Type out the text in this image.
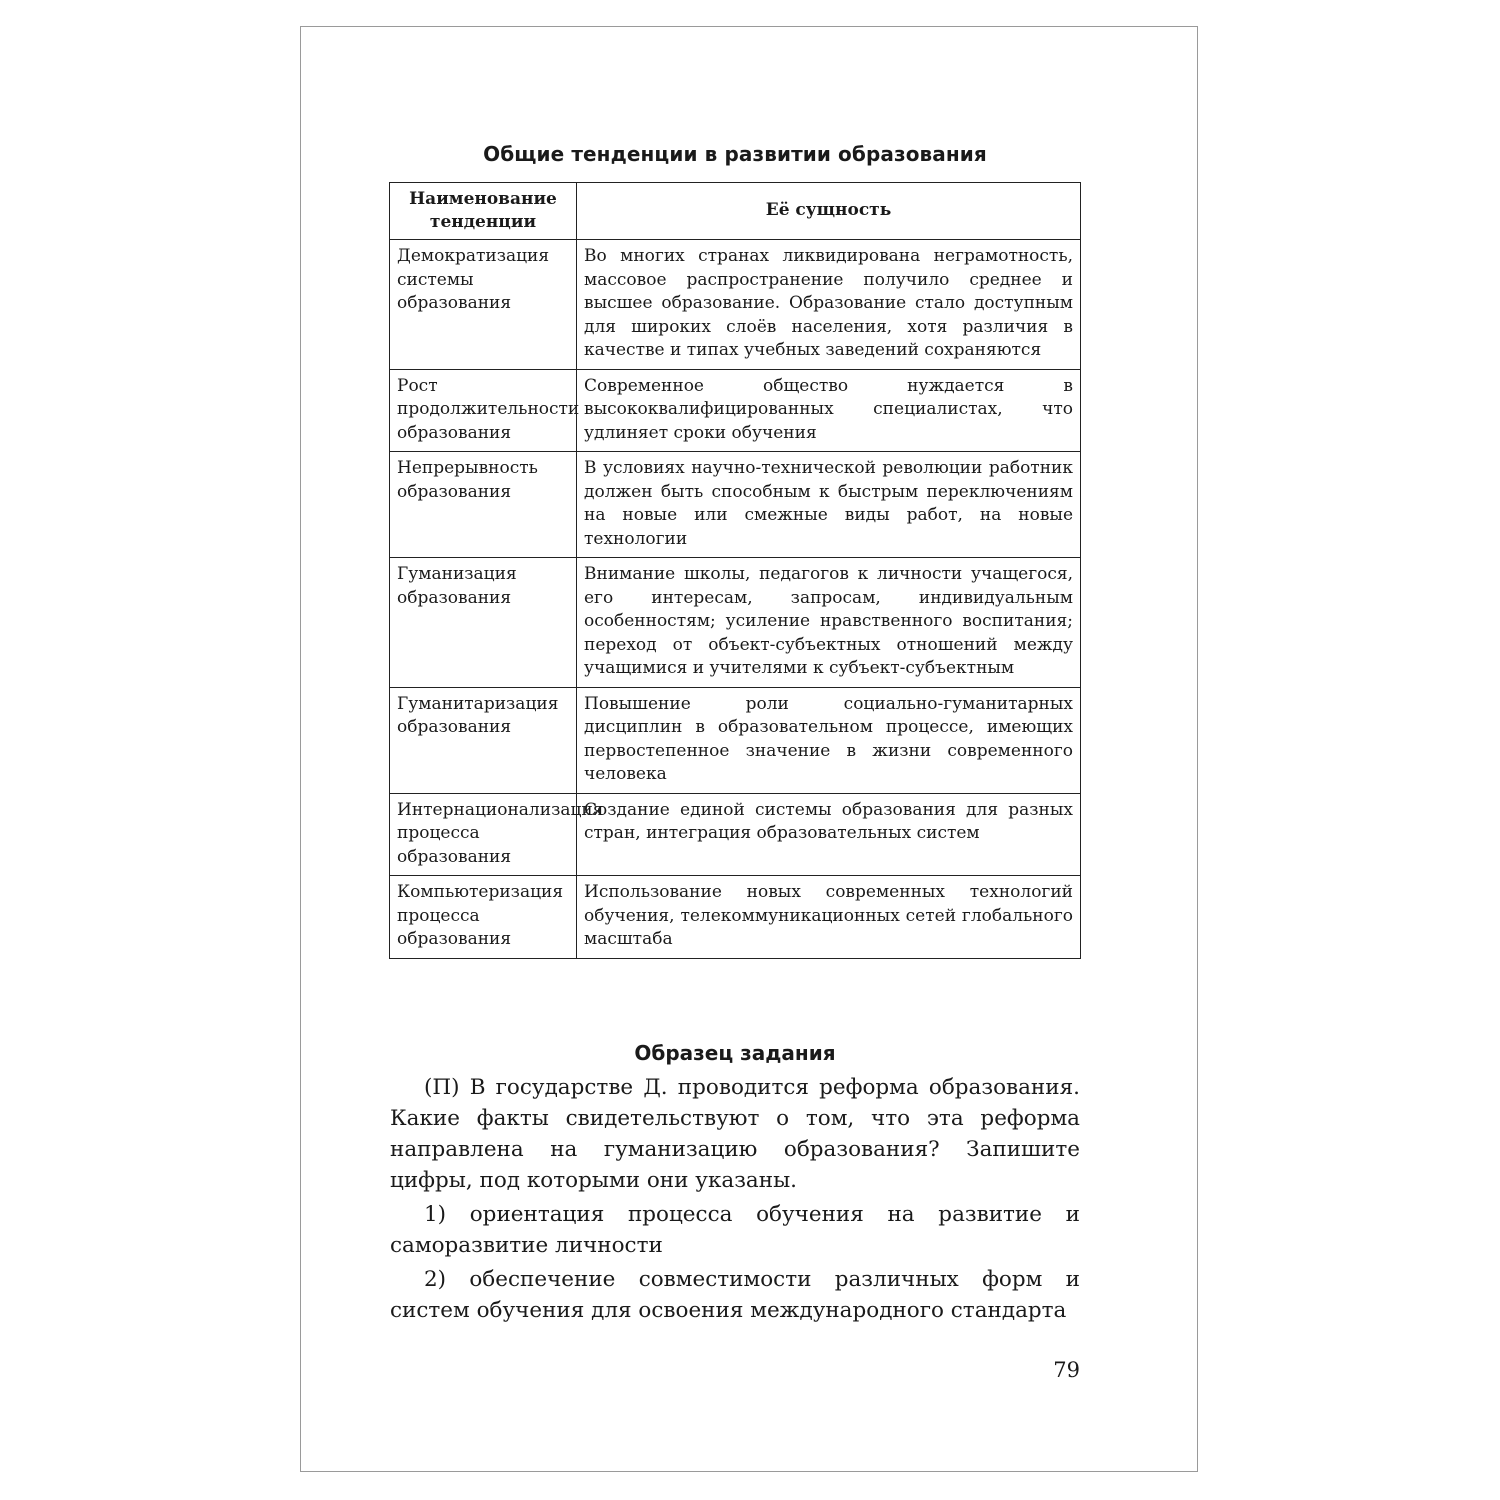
Общие тенденции в развитии образования
Наименование тенденции	Её сущность
Демократизация системы образования	Во многих странах ликвидирована неграмотность, массовое распространение получило среднее и высшее образование. Образование стало доступным для широких слоёв населения, хотя различия в качестве и типах учебных заведений сохраняются
Рост продолжительности образования	Современное общество нуждается в высококвалифицированных специалистах, что удлиняет сроки обучения
Непрерывность образования	В условиях научно-технической революции работник должен быть способным к быстрым переключениям на новые или смежные виды работ, на новые технологии
Гуманизация образования	Внимание школы, педагогов к личности учащегося, его интересам, запросам, индивидуальным особенностям; усиление нравственного воспитания; переход от объект-субъектных отношений между учащимися и учителями к субъект-субъектным
Гуманитаризация образования	Повышение роли социально-гуманитарных дисциплин в образовательном процессе, имеющих первостепенное значение в жизни современного человека
Интернационализация процесса образования	Создание единой системы образования для разных стран, интеграция образовательных систем
Компьютеризация процесса образования	Использование новых современных технологий обучения, телекоммуникационных сетей глобального масштаба
Образец задания

(П) В государстве Д. проводится реформа образования. Какие факты свидетельствуют о том, что эта реформа направлена на гуманизацию образования? Запишите цифры, под которыми они указаны.

1) ориентация процесса обучения на развитие и саморазвитие личности

2) обеспечение совместимости различных форм и систем обучения для освоения международного стандарта

79
